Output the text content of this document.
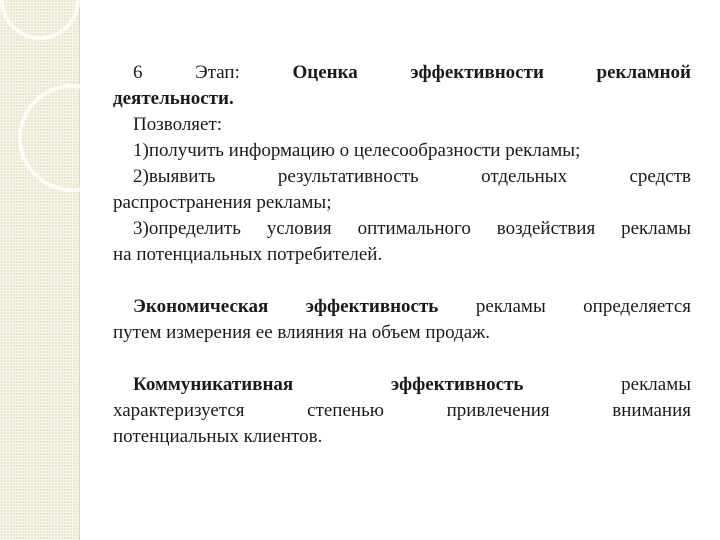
6	Этап:	Оценка	эффективности	рекламной
деятельности.
Позволяет:
1)получить информацию о целесообразности рекламы;
2)выявить результативность отдельных средств
распространения рекламы;
3)определить условия оптимального воздействия рекламы
на потенциальных потребителей.
Экономическая эффективность рекламы определяется
путем измерения ее влияния на объем продаж.
Коммуникативная	эффективность	рекламы
характеризуется степенью привлечения внимания
потенциальных клиентов.
